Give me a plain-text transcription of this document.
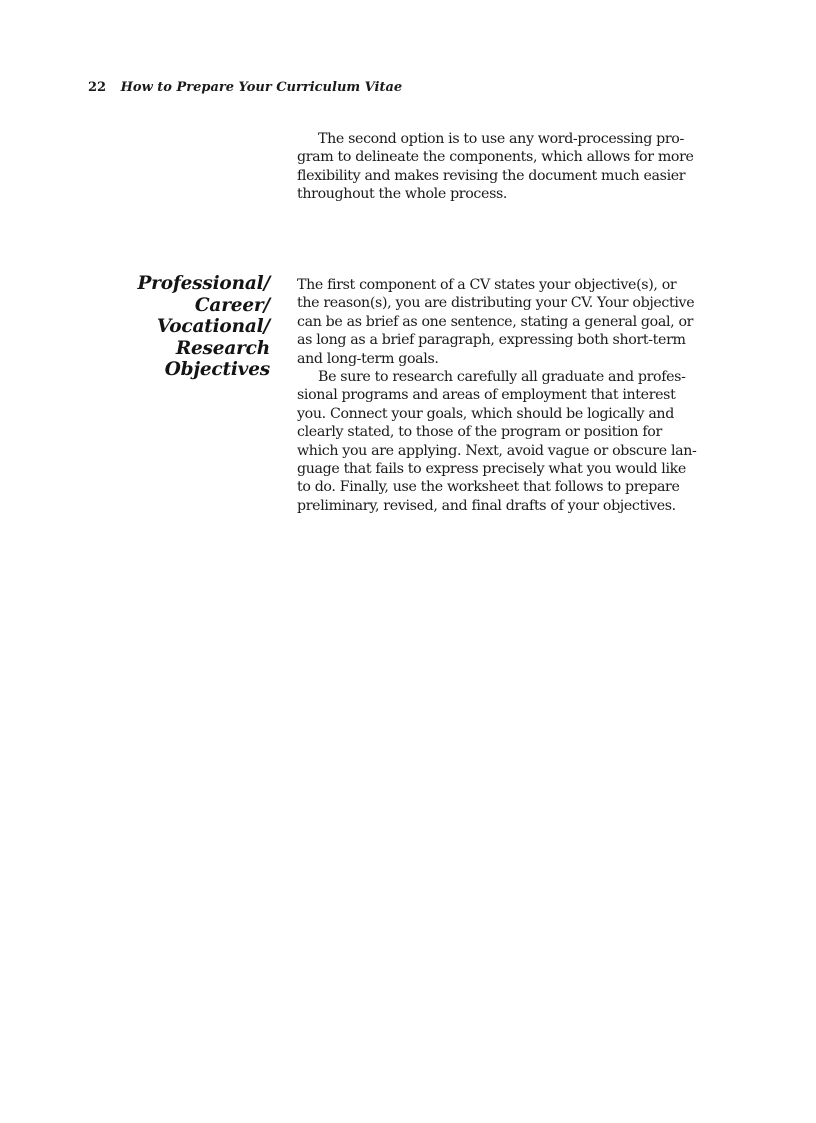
22 How to Prepare Your Curriculum Vitae
The second option is to use any word-processing pro-
gram to delineate the components, which allows for more
flexibility and makes revising the document much easier
throughout the whole process.
Professional/
Career/
Vocational/
Research
Objectives
The first component of a CV states your objective(s), or
the reason(s), you are distributing your CV. Your objective
can be as brief as one sentence, stating a general goal, or
as long as a brief paragraph, expressing both short-term
and long-term goals.
Be sure to research carefully all graduate and profes-
sional programs and areas of employment that interest
you. Connect your goals, which should be logically and
clearly stated, to those of the program or position for
which you are applying. Next, avoid vague or obscure lan-
guage that fails to express precisely what you would like
to do. Finally, use the worksheet that follows to prepare
preliminary, revised, and final drafts of your objectives.
